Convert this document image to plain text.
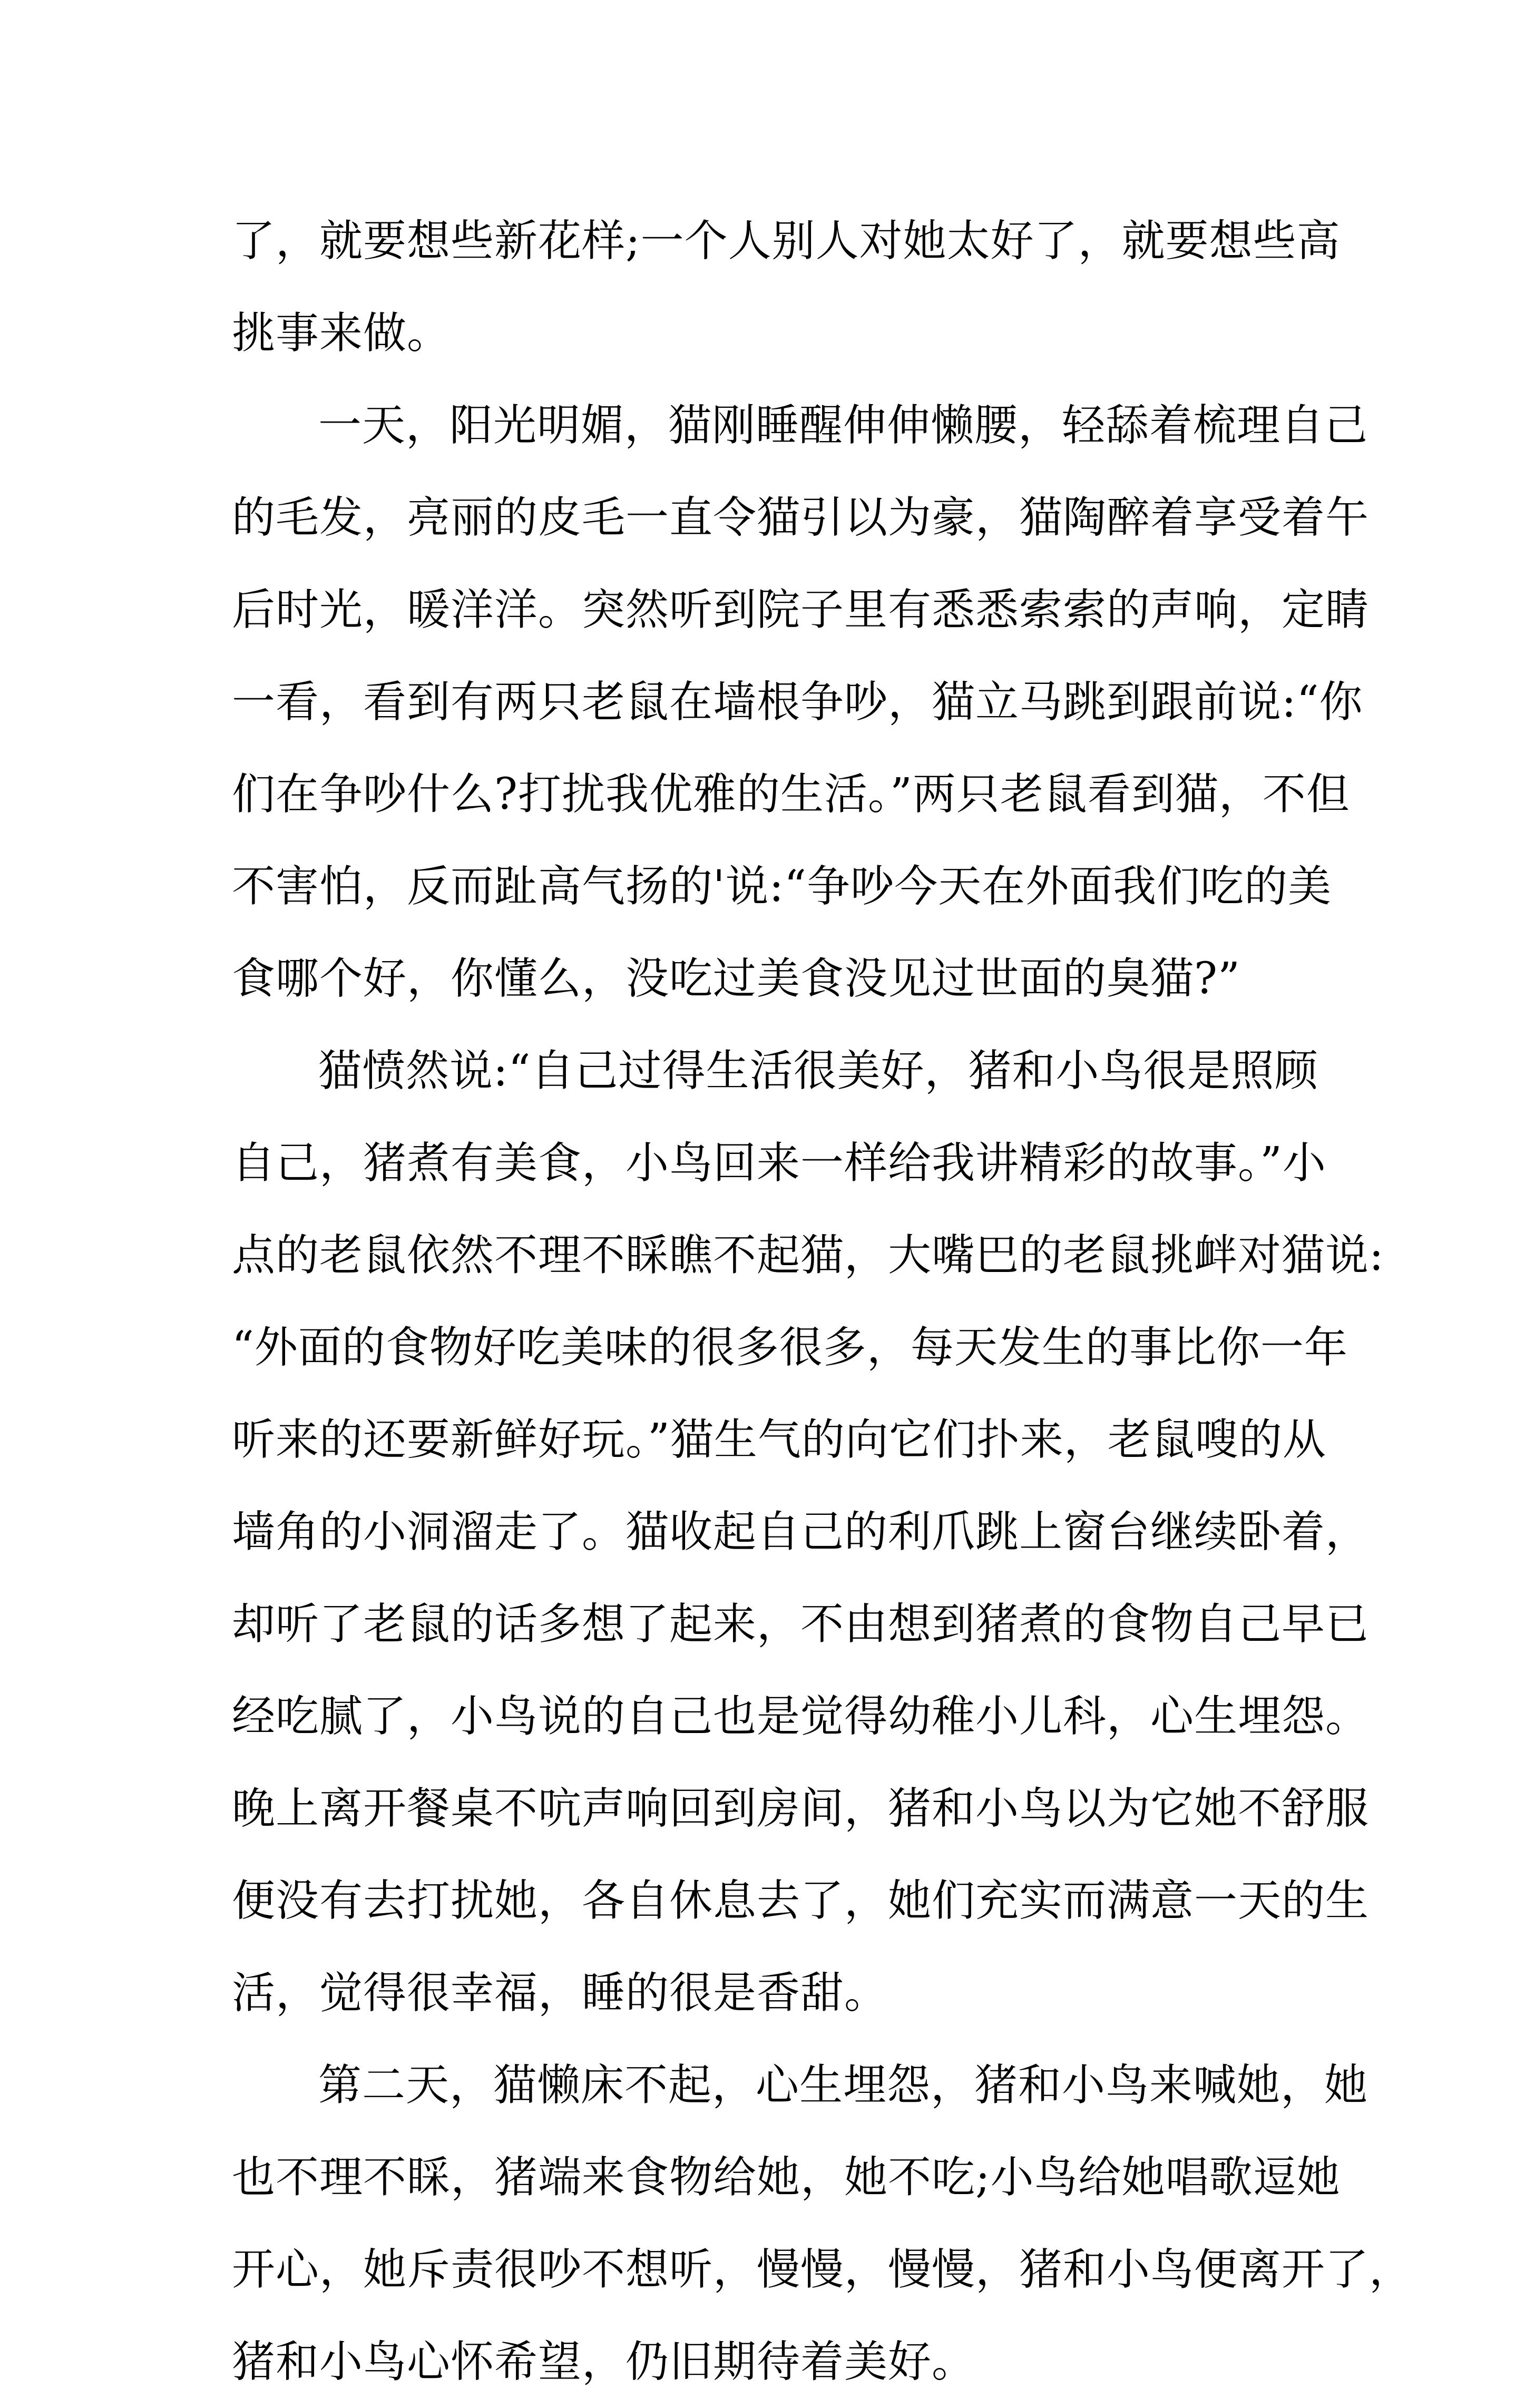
了，就要想些新花样;一个人别人对她太好了，就要想些高
挑事来做。
一天，阳光明媚，猫刚睡醒伸伸懒腰，轻舔着梳理自己
的毛发，亮丽的皮毛一直令猫引以为豪，猫陶醉着享受着午
后时光，暖洋洋。突然听到院子里有悉悉索索的声响，定睛
一看，看到有两只老鼠在墙根争吵，猫立马跳到跟前说:“你
们在争吵什么?打扰我优雅的生活。”两只老鼠看到猫，不但
不害怕，反而趾高气扬的'说:“争吵今天在外面我们吃的美
食哪个好，你懂么，没吃过美食没见过世面的臭猫?”
猫愤然说:“自己过得生活很美好，猪和小鸟很是照顾
自己，猪煮有美食，小鸟回来一样给我讲精彩的故事。”小
点的老鼠依然不理不睬瞧不起猫，大嘴巴的老鼠挑衅对猫说:
“外面的食物好吃美味的很多很多，每天发生的事比你一年
听来的还要新鲜好玩。”猫生气的向它们扑来，老鼠嗖的从
墙角的小洞溜走了。猫收起自己的利爪跳上窗台继续卧着，
却听了老鼠的话多想了起来，不由想到猪煮的食物自己早已
经吃腻了，小鸟说的自己也是觉得幼稚小儿科，心生埋怨。
晚上离开餐桌不吭声响回到房间，猪和小鸟以为它她不舒服
便没有去打扰她，各自休息去了，她们充实而满意一天的生
活，觉得很幸福，睡的很是香甜。
第二天，猫懒床不起，心生埋怨，猪和小鸟来喊她，她
也不理不睬，猪端来食物给她，她不吃;小鸟给她唱歌逗她
开心，她斥责很吵不想听，慢慢，慢慢，猪和小鸟便离开了，
猪和小鸟心怀希望，仍旧期待着美好。
